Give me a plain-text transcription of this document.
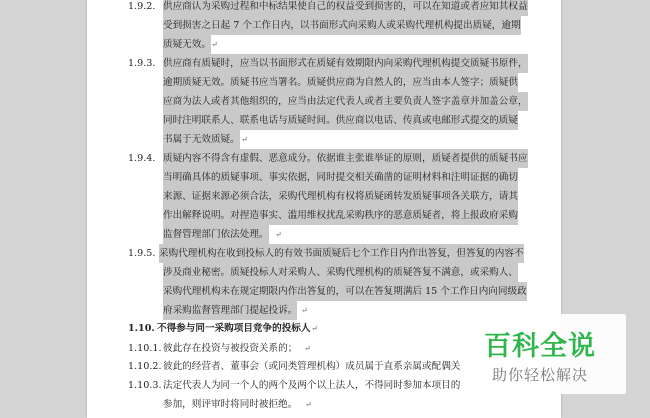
1.9.2. 供应商认为采购过程和中标结果使自己的权益受到损害的，可以在知道或者应知其权益
受到损害之日起 7 个工作日内，以书面形式向采购人或采购代理机构提出质疑，逾期
质疑无效。 ↵
1.9.3. 供应商有质疑时，应当以书面形式在质疑有效期限内向采购代理机构提交质疑书原件，
逾期质疑无效。质疑书应当署名。质疑供应商为自然人的，应当由本人签字；质疑供
应商为法人或者其他组织的，应当由法定代表人或者主要负责人签字盖章并加盖公章，
同时注明联系人、联系电话与质疑时间。供应商以电话、传真或电邮形式提交的质疑
书属于无效质疑。 ↵
1.9.4. 质疑内容不得含有虚假、恶意成分。依据谁主张谁举证的原则，质疑者提供的质疑书应
当明确具体的质疑事项、事实依据，同时提交相关确凿的证明材料和注明证据的确切
来源、证据来源必须合法，采购代理机构有权将质疑函转发质疑事项各关联方，请其
作出解释说明。对捏造事实、滥用维权扰乱采购秩序的恶意质疑者，将上报政府采购
监督管理部门依法处理。 ↵
1.9.5. 采购代理机构在收到投标人的有效书面质疑后七个工作日内作出答复，但答复的内容不
涉及商业秘密。质疑投标人对采购人、采购代理机构的质疑答复不满意，或采购人、
采购代理机构未在规定期限内作出答复的，可以在答复期满后 15 个工作日内向同级政
府采购监督管理部门提起投诉。 ↵
1.10. 不得参与同一采购项目竞争的投标人 ↵
1.10.1. 彼此存在投资与被投资关系的； ↵
1.10.2. 彼此的经营者、董事会（或同类管理机构）成员属于直系亲属或配偶关
1.10.3. 法定代表人为同一个人的两个及两个以上法人，不得同时参加本项目的
参加，则评审时将同时被拒绝。 ↵
百科全说
助你轻松解决
